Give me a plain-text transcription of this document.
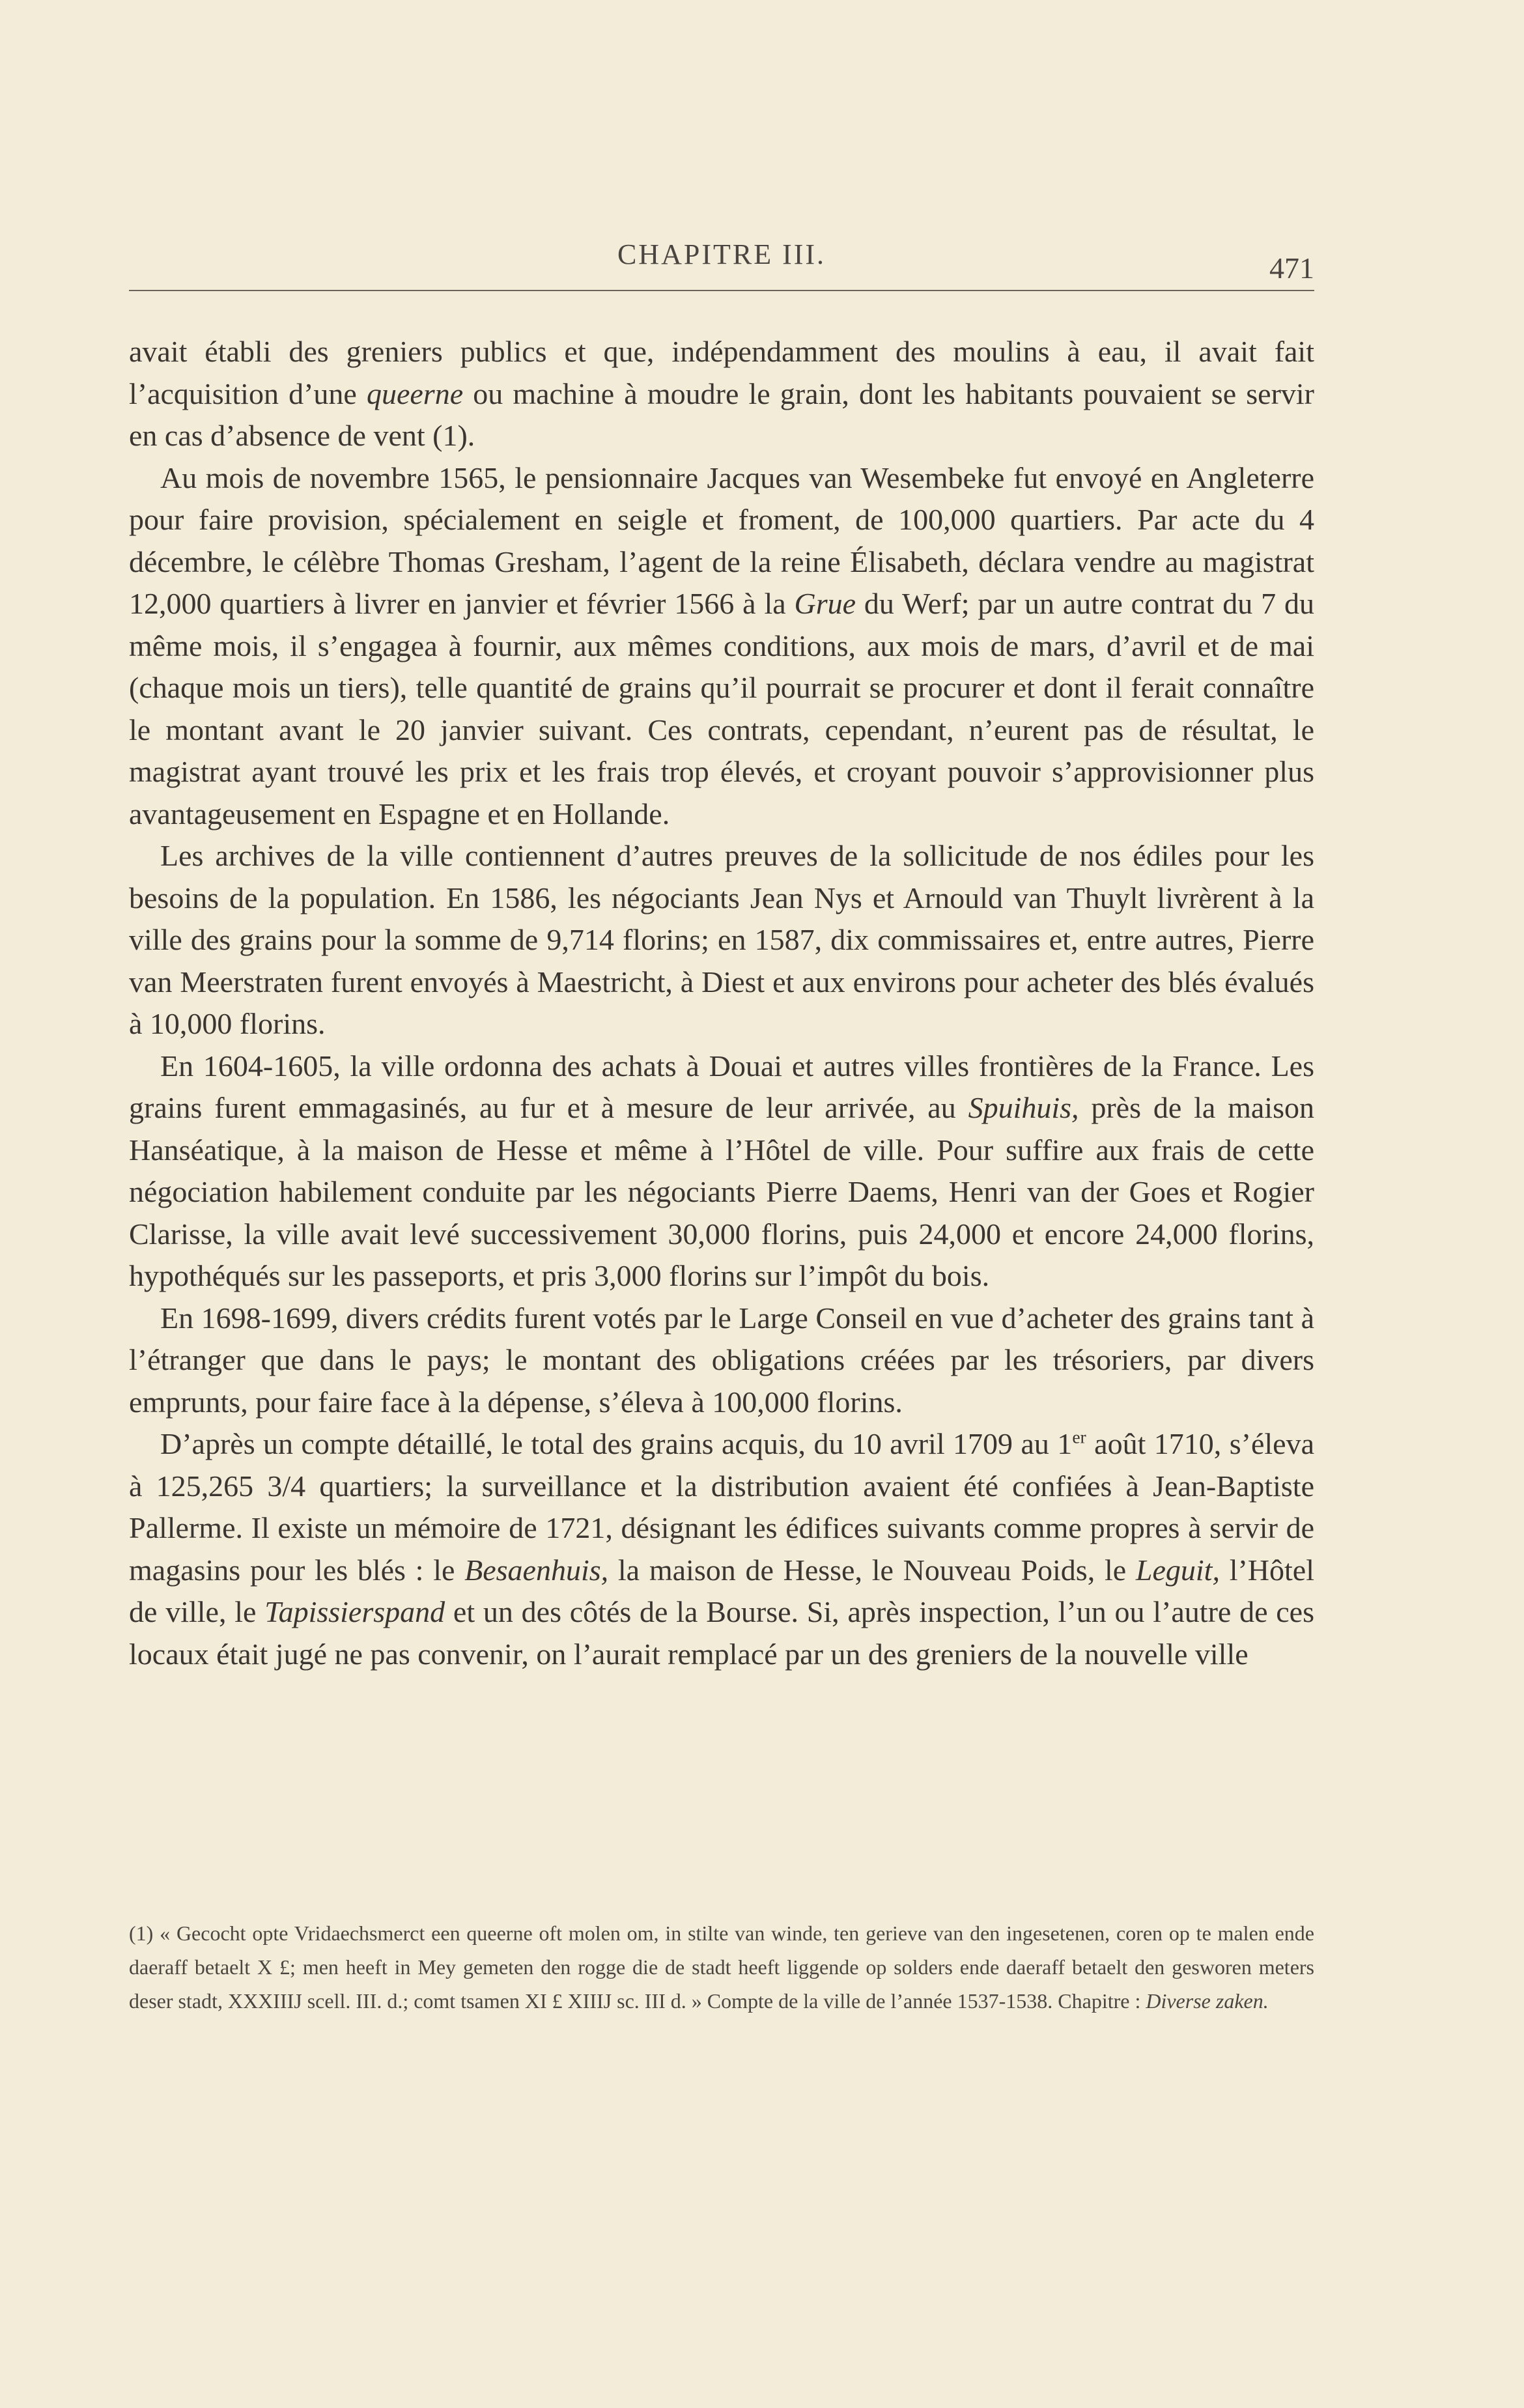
CHAPITRE III.	471

avait établi des greniers publics et que, indépendamment des moulins à eau, il avait fait l’acquisition d’une queerne ou machine à moudre le grain, dont les habitants pouvaient se servir en cas d’absence de vent (1).

Au mois de novembre 1565, le pensionnaire Jacques van Wesembeke fut envoyé en Angleterre pour faire provision, spécialement en seigle et froment, de 100,000 quartiers. Par acte du 4 décembre, le célèbre Thomas Gresham, l’agent de la reine Élisabeth, déclara vendre au magistrat 12,000 quartiers à livrer en janvier et février 1566 à la Grue du Werf; par un autre contrat du 7 du même mois, il s’engagea à fournir, aux mêmes conditions, aux mois de mars, d’avril et de mai (chaque mois un tiers), telle quantité de grains qu’il pourrait se procurer et dont il ferait connaître le montant avant le 20 janvier suivant. Ces contrats, cependant, n’eurent pas de résultat, le magistrat ayant trouvé les prix et les frais trop élevés, et croyant pouvoir s’approvisionner plus avantageusement en Espagne et en Hollande.

Les archives de la ville contiennent d’autres preuves de la sollicitude de nos édiles pour les besoins de la population. En 1586, les négociants Jean Nys et Arnould van Thuylt livrèrent à la ville des grains pour la somme de 9,714 florins; en 1587, dix commissaires et, entre autres, Pierre van Meerstraten furent envoyés à Maestricht, à Diest et aux environs pour acheter des blés évalués à 10,000 florins.

En 1604-1605, la ville ordonna des achats à Douai et autres villes frontières de la France. Les grains furent emmagasinés, au fur et à mesure de leur arrivée, au Spuihuis, près de la maison Hanséatique, à la maison de Hesse et même à l’Hôtel de ville. Pour suffire aux frais de cette négociation habilement conduite par les négociants Pierre Daems, Henri van der Goes et Rogier Clarisse, la ville avait levé successivement 30,000 florins, puis 24,000 et encore 24,000 florins, hypothéqués sur les passeports, et pris 3,000 florins sur l’impôt du bois.

En 1698-1699, divers crédits furent votés par le Large Conseil en vue d’acheter des grains tant à l’étranger que dans le pays; le montant des obligations créées par les trésoriers, par divers emprunts, pour faire face à la dépense, s’éleva à 100,000 florins.

D’après un compte détaillé, le total des grains acquis, du 10 avril 1709 au 1er août 1710, s’éleva à 125,265 3/4 quartiers; la surveillance et la distribution avaient été confiées à Jean-Baptiste Pallerme. Il existe un mémoire de 1721, désignant les édifices suivants comme propres à servir de magasins pour les blés : le Besaenhuis, la maison de Hesse, le Nouveau Poids, le Leguit, l’Hôtel de ville, le Tapissierspand et un des côtés de la Bourse. Si, après inspection, l’un ou l’autre de ces locaux était jugé ne pas convenir, on l’aurait remplacé par un des greniers de la nouvelle ville

(1) « Gecocht opte Vridaechsmerct een queerne oft molen om, in stilte van winde, ten gerieve van den ingesetenen, coren op te malen ende daeraff betaelt X £; men heeft in Mey gemeten den rogge die de stadt heeft liggende op solders ende daeraff betaelt den gesworen meters deser stadt, XXXIIIJ scell. III. d.; comt tsamen XI £ XIIIJ sc. III d. » Compte de la ville de l’année 1537-1538. Chapitre : Diverse zaken.
